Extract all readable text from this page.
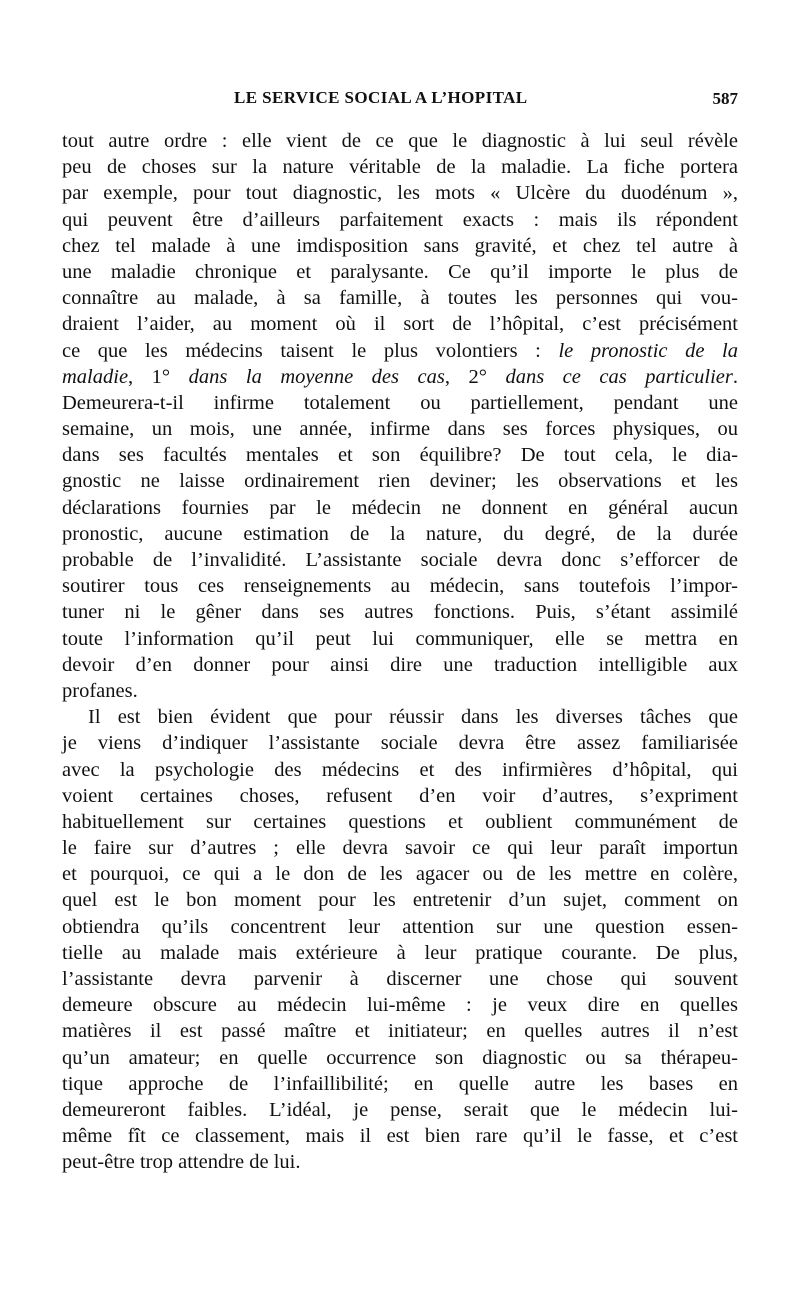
LE SERVICE SOCIAL A L’HOPITAL	587
tout autre ordre : elle vient de ce que le diagnostic à lui seul révèle
peu de choses sur la nature véritable de la maladie. La fiche portera
par exemple, pour tout diagnostic, les mots « Ulcère du duodénum »,
qui peuvent être d’ailleurs parfaitement exacts : mais ils répondent
chez tel malade à une imdisposition sans gravité, et chez tel autre à
une maladie chronique et paralysante. Ce qu’il importe le plus de
connaître au malade, à sa famille, à toutes les personnes qui vou-
draient l’aider, au moment où il sort de l’hôpital, c’est précisément
ce que les médecins taisent le plus volontiers : le pronostic de la
maladie, 1° dans la moyenne des cas, 2° dans ce cas particulier.
Demeurera-t-il infirme totalement ou partiellement, pendant une
semaine, un mois, une année, infirme dans ses forces physiques, ou
dans ses facultés mentales et son équilibre? De tout cela, le dia-
gnostic ne laisse ordinairement rien deviner; les observations et les
déclarations fournies par le médecin ne donnent en général aucun
pronostic, aucune estimation de la nature, du degré, de la durée
probable de l’invalidité. L’assistante sociale devra donc s’efforcer de
soutirer tous ces renseignements au médecin, sans toutefois l’impor-
tuner ni le gêner dans ses autres fonctions. Puis, s’étant assimilé
toute l’information qu’il peut lui communiquer, elle se mettra en
devoir d’en donner pour ainsi dire une traduction intelligible aux
profanes.
Il est bien évident que pour réussir dans les diverses tâches que
je viens d’indiquer l’assistante sociale devra être assez familiarisée
avec la psychologie des médecins et des infirmières d’hôpital, qui
voient certaines choses, refusent d’en voir d’autres, s’expriment
habituellement sur certaines questions et oublient communément de
le faire sur d’autres ; elle devra savoir ce qui leur paraît importun
et pourquoi, ce qui a le don de les agacer ou de les mettre en colère,
quel est le bon moment pour les entretenir d’un sujet, comment on
obtiendra qu’ils concentrent leur attention sur une question essen-
tielle au malade mais extérieure à leur pratique courante. De plus,
l’assistante devra parvenir à discerner une chose qui souvent
demeure obscure au médecin lui-même : je veux dire en quelles
matières il est passé maître et initiateur; en quelles autres il n’est
qu’un amateur; en quelle occurrence son diagnostic ou sa thérapeu-
tique approche de l’infaillibilité; en quelle autre les bases en
demeureront faibles. L’idéal, je pense, serait que le médecin lui-
même fît ce classement, mais il est bien rare qu’il le fasse, et c’est
peut-être trop attendre de lui.
